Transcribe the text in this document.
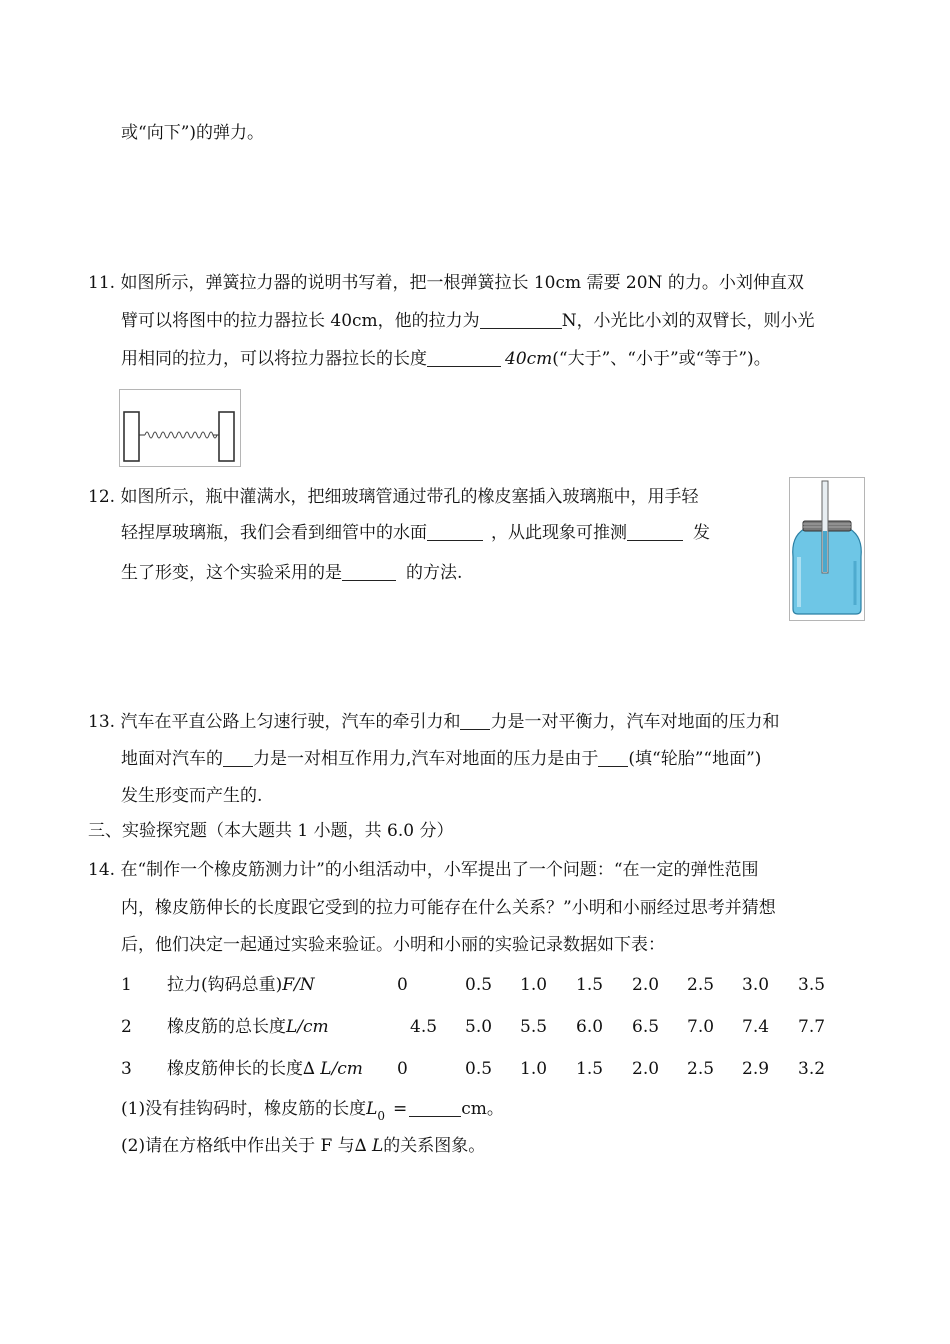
或“向下”)的弹力。
11. 如图所示，弹簧拉力器的说明书写着，把一根弹簧拉长 10cm 需要 20N 的力。小刘伸直双
臂可以将图中的拉力器拉长 40cm，他的拉力为	N，小光比小刘的双臂长，则小光
用相同的拉力，可以将拉力器拉长的长度	40cm(“大于”、“小于”或“等于”)。
12. 如图所示，瓶中灌满水，把细玻璃管通过带孔的橡皮塞插入玻璃瓶中，用手轻
轻捏厚玻璃瓶，我们会看到细管中的水面	，从此现象可推测	发
生了形变，这个实验采用的是	的方法.
13. 汽车在平直公路上匀速行驶，汽车的牵引力和 力是一对平衡力，汽车对地面的压力和
地面对汽车的 力是一对相互作用力,汽车对地面的压力是由于 (填“轮胎”“地面”)
发生形变而产生的.
三、实验探究题（本大题共 1 小题，共 6.0 分）
14. 在“制作一个橡皮筋测力计”的小组活动中，小军提出了一个问题：“在一定的弹性范围
内，橡皮筋伸长的长度跟它受到的拉力可能存在什么关系？”小明和小丽经过思考并猜想
后，他们决定一起通过实验来验证。小明和小丽的实验记录数据如下表：
1 拉力(钩码总重)F/N	0	0.5 1.0 1.5 2.0 2.5 3.0 3.5
2 橡皮筋的总长度L/cm	4.5 5.0 5.5 6.0 6.5 7.0 7.4 7.7
3 橡皮筋伸长的长度∆ L/cm 0	0.5 1.0 1.5 2.0 2.5 2.9 3.2
(1)没有挂钩码时，橡皮筋的长度$L_0$ =	cm。
(2)请在方格纸中作出关于 F 与∆ L的关系图象。
